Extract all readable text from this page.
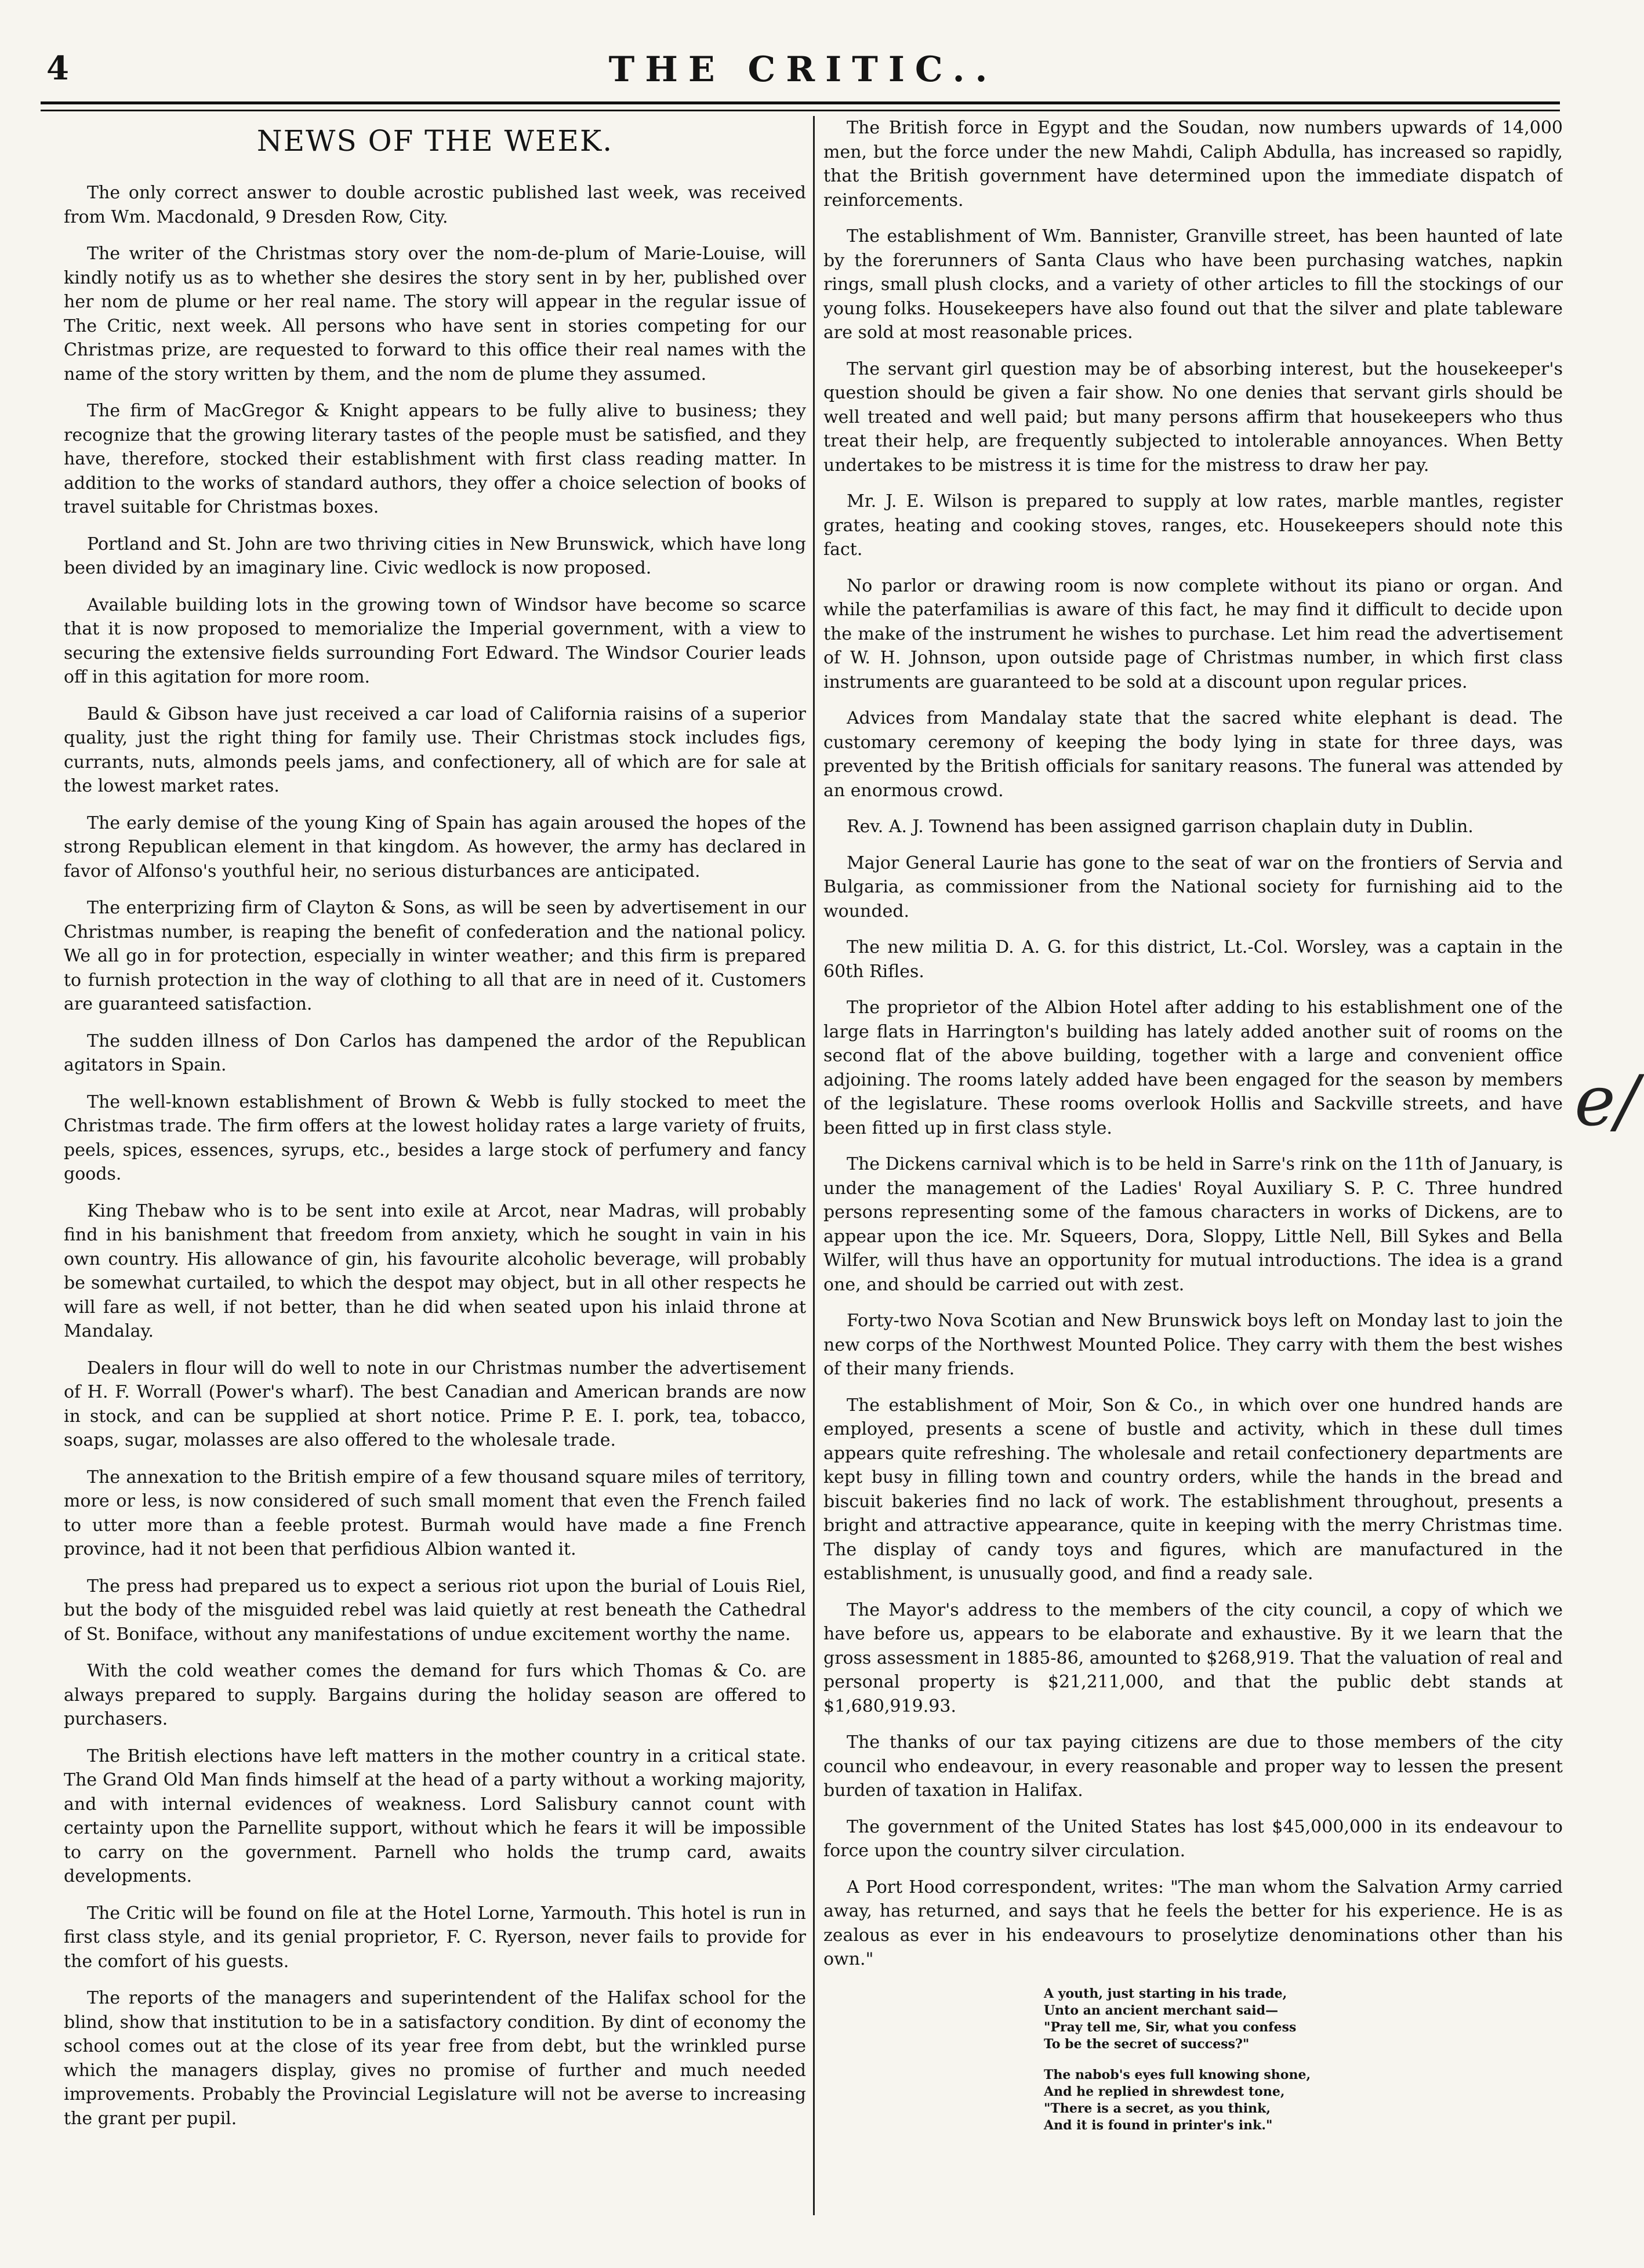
4	THE CRITIC..
NEWS OF THE WEEK.

The only correct answer to double acrostic published last week, was received from Wm. Macdonald, 9 Dresden Row, City.

The writer of the Christmas story over the nom-de-plum of Marie-Louise, will kindly notify us as to whether she desires the story sent in by her, published over her nom de plume or her real name. The story will appear in the regular issue of The Critic, next week. All persons who have sent in stories competing for our Christmas prize, are requested to forward to this office their real names with the name of the story written by them, and the nom de plume they assumed.

The firm of MacGregor & Knight appears to be fully alive to business; they recognize that the growing literary tastes of the people must be satisfied, and they have, therefore, stocked their establishment with first class reading matter. In addition to the works of standard authors, they offer a choice selection of books of travel suitable for Christmas boxes.

Portland and St. John are two thriving cities in New Brunswick, which have long been divided by an imaginary line. Civic wedlock is now proposed.

Available building lots in the growing town of Windsor have become so scarce that it is now proposed to memorialize the Imperial government, with a view to securing the extensive fields surrounding Fort Edward. The Windsor Courier leads off in this agitation for more room.

Bauld & Gibson have just received a car load of California raisins of a superior quality, just the right thing for family use. Their Christmas stock includes figs, currants, nuts, almonds peels jams, and confectionery, all of which are for sale at the lowest market rates.

The early demise of the young King of Spain has again aroused the hopes of the strong Republican element in that kingdom. As however, the army has declared in favor of Alfonso's youthful heir, no serious disturbances are anticipated.

The enterprizing firm of Clayton & Sons, as will be seen by advertisement in our Christmas number, is reaping the benefit of confederation and the national policy. We all go in for protection, especially in winter weather; and this firm is prepared to furnish protection in the way of clothing to all that are in need of it. Customers are guaranteed satisfaction.

The sudden illness of Don Carlos has dampened the ardor of the Republican agitators in Spain.

The well-known establishment of Brown & Webb is fully stocked to meet the Christmas trade. The firm offers at the lowest holiday rates a large variety of fruits, peels, spices, essences, syrups, etc., besides a large stock of perfumery and fancy goods.

King Thebaw who is to be sent into exile at Arcot, near Madras, will probably find in his banishment that freedom from anxiety, which he sought in vain in his own country. His allowance of gin, his favourite alcoholic beverage, will probably be somewhat curtailed, to which the despot may object, but in all other respects he will fare as well, if not better, than he did when seated upon his inlaid throne at Mandalay.

Dealers in flour will do well to note in our Christmas number the advertisement of H. F. Worrall (Power's wharf). The best Canadian and American brands are now in stock, and can be supplied at short notice. Prime P. E. I. pork, tea, tobacco, soaps, sugar, molasses are also offered to the wholesale trade.

The annexation to the British empire of a few thousand square miles of territory, more or less, is now considered of such small moment that even the French failed to utter more than a feeble protest. Burmah would have made a fine French province, had it not been that perfidious Albion wanted it.

The press had prepared us to expect a serious riot upon the burial of Louis Riel, but the body of the misguided rebel was laid quietly at rest beneath the Cathedral of St. Boniface, without any manifestations of undue excitement worthy the name.

With the cold weather comes the demand for furs which Thomas & Co. are always prepared to supply. Bargains during the holiday season are offered to purchasers.

The British elections have left matters in the mother country in a critical state. The Grand Old Man finds himself at the head of a party without a working majority, and with internal evidences of weakness. Lord Salisbury cannot count with certainty upon the Parnellite support, without which he fears it will be impossible to carry on the government. Parnell who holds the trump card, awaits developments.

The Critic will be found on file at the Hotel Lorne, Yarmouth. This hotel is run in first class style, and its genial proprietor, F. C. Ryerson, never fails to provide for the comfort of his guests.

The reports of the managers and superintendent of the Halifax school for the blind, show that institution to be in a satisfactory condition. By dint of economy the school comes out at the close of its year free from debt, but the wrinkled purse which the managers display, gives no promise of further and much needed improvements. Probably the Provincial Legislature will not be averse to increasing the grant per pupil.

The British force in Egypt and the Soudan, now numbers upwards of 14,000 men, but the force under the new Mahdi, Caliph Abdulla, has increased so rapidly, that the British government have determined upon the immediate dispatch of reinforcements.

The establishment of Wm. Bannister, Granville street, has been haunted of late by the forerunners of Santa Claus who have been purchasing watches, napkin rings, small plush clocks, and a variety of other articles to fill the stockings of our young folks. Housekeepers have also found out that the silver and plate tableware are sold at most reasonable prices.

The servant girl question may be of absorbing interest, but the housekeeper's question should be given a fair show. No one denies that servant girls should be well treated and well paid; but many persons affirm that housekeepers who thus treat their help, are frequently subjected to intolerable annoyances. When Betty undertakes to be mistress it is time for the mistress to draw her pay.

Mr. J. E. Wilson is prepared to supply at low rates, marble mantles, register grates, heating and cooking stoves, ranges, etc. Housekeepers should note this fact.

No parlor or drawing room is now complete without its piano or organ. And while the paterfamilias is aware of this fact, he may find it difficult to decide upon the make of the instrument he wishes to purchase. Let him read the advertisement of W. H. Johnson, upon outside page of Christmas number, in which first class instruments are guaranteed to be sold at a discount upon regular prices.

Advices from Mandalay state that the sacred white elephant is dead. The customary ceremony of keeping the body lying in state for three days, was prevented by the British officials for sanitary reasons. The funeral was attended by an enormous crowd.

Rev. A. J. Townend has been assigned garrison chaplain duty in Dublin.

Major General Laurie has gone to the seat of war on the frontiers of Servia and Bulgaria, as commissioner from the National society for furnishing aid to the wounded.

The new militia D. A. G. for this district, Lt.-Col. Worsley, was a captain in the 60th Rifles.

The proprietor of the Albion Hotel after adding to his establishment one of the large flats in Harrington's building has lately added another suit of rooms on the second flat of the above building, together with a large and convenient office adjoining. The rooms lately added have been engaged for the season by members of the legislature. These rooms overlook Hollis and Sackville streets, and have been fitted up in first class style.

The Dickens carnival which is to be held in Sarre's rink on the 11th of January, is under the management of the Ladies' Royal Auxiliary S. P. C. Three hundred persons representing some of the famous characters in works of Dickens, are to appear upon the ice. Mr. Squeers, Dora, Sloppy, Little Nell, Bill Sykes and Bella Wilfer, will thus have an opportunity for mutual introductions. The idea is a grand one, and should be carried out with zest.

Forty-two Nova Scotian and New Brunswick boys left on Monday last to join the new corps of the Northwest Mounted Police. They carry with them the best wishes of their many friends.

The establishment of Moir, Son & Co., in which over one hundred hands are employed, presents a scene of bustle and activity, which in these dull times appears quite refreshing. The wholesale and retail confectionery departments are kept busy in filling town and country orders, while the hands in the bread and biscuit bakeries find no lack of work. The establishment throughout, presents a bright and attractive appearance, quite in keeping with the merry Christmas time. The display of candy toys and figures, which are manufactured in the establishment, is unusually good, and find a ready sale.

The Mayor's address to the members of the city council, a copy of which we have before us, appears to be elaborate and exhaustive. By it we learn that the gross assessment in 1885-86, amounted to $268,919. That the valuation of real and personal property is $21,211,000, and that the public debt stands at $1,680,919.93.

The thanks of our tax paying citizens are due to those members of the city council who endeavour, in every reasonable and proper way to lessen the present burden of taxation in Halifax.

The government of the United States has lost $45,000,000 in its endeavour to force upon the country silver circulation.

A Port Hood correspondent, writes: "The man whom the Salvation Army carried away, has returned, and says that he feels the better for his experience. He is as zealous as ever in his endeavours to proselytize denominations other than his own."

A youth, just starting in his trade,
Unto an ancient merchant said—
"Pray tell me, Sir, what you confess
To be the secret of success?"
The nabob's eyes full knowing shone,
And he replied in shrewdest tone,
"There is a secret, as you think,
And it is found in printer's ink."
e/
